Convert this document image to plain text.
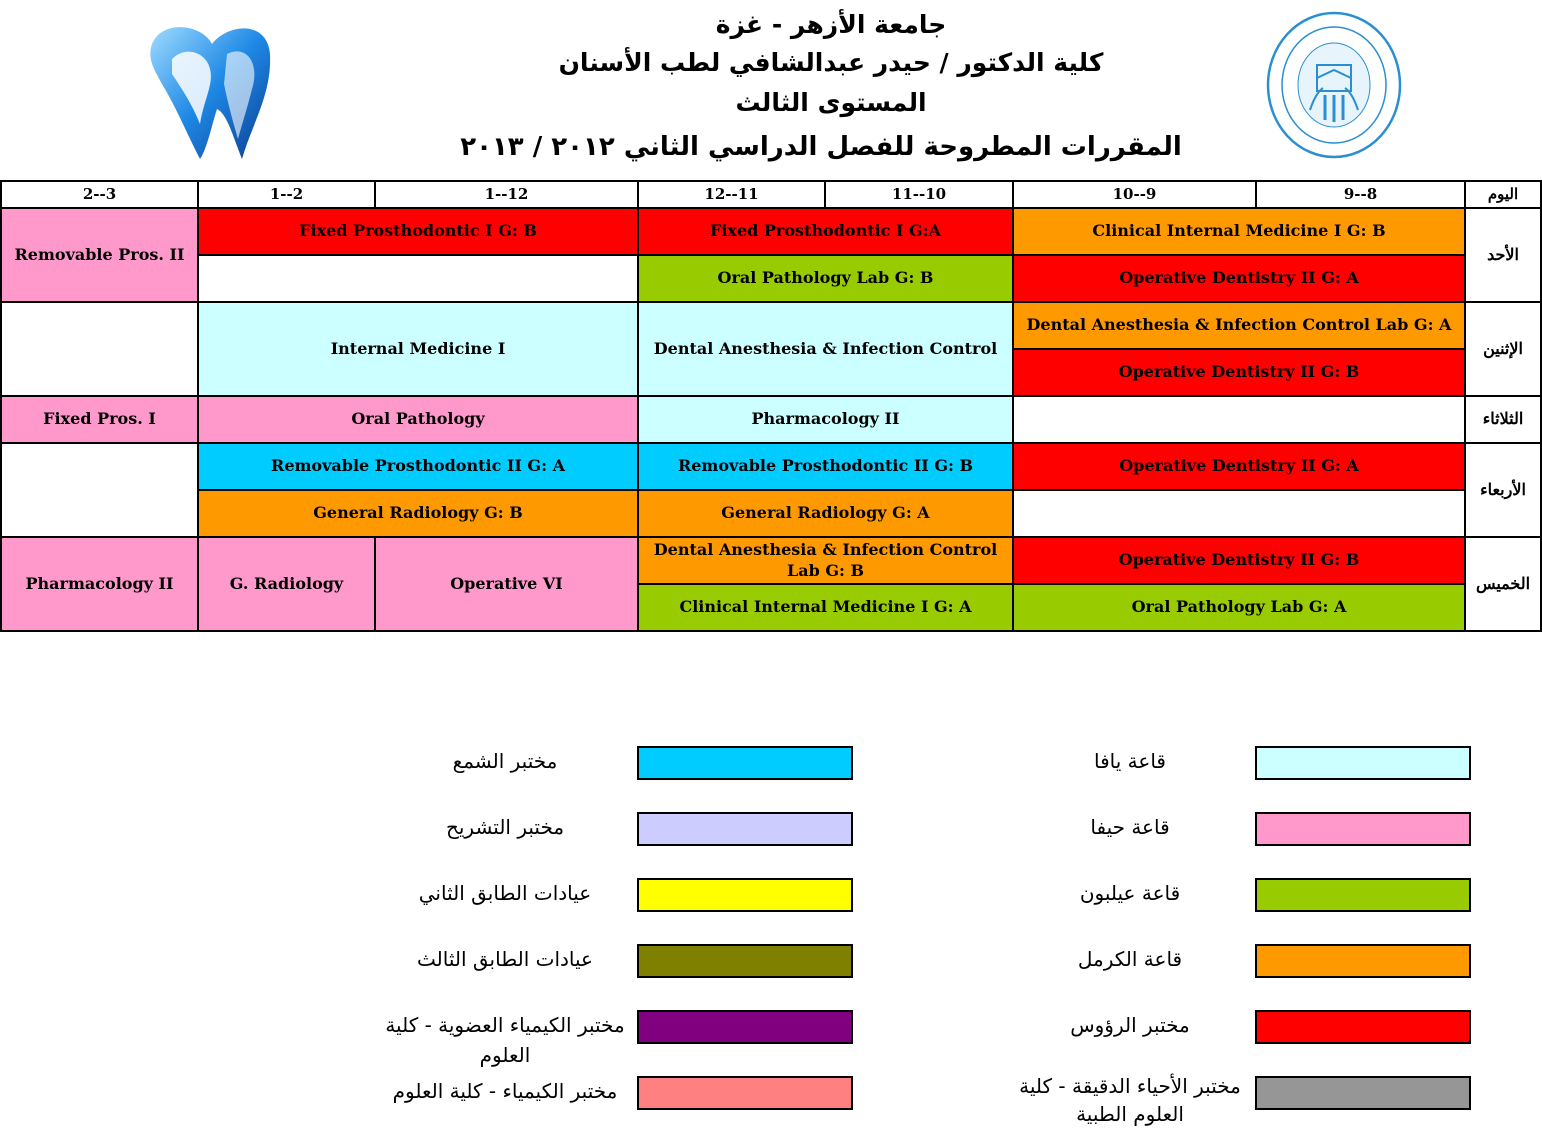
جامعة الأزهر - غزة
كلية الدكتور / حيدر عبدالشافي لطب الأسنان
المستوى الثالث
المقررات المطروحة للفصل الدراسي الثاني ٢٠١٢ / ٢٠١٣
2--3	1--2	1--12	12--11	11--10	10--9	9--8	اليوم
Removable Pros. II	Fixed Prosthodontic I G: B		Fixed Prosthodontic I G:A		Clinical Internal Medicine I G: B		الأحد
			Oral Pathology Lab G: B		Operative Dentistry II G: A		
	Internal Medicine I		Dental Anesthesia & Infection Control		Dental Anesthesia & Infection Control Lab G: A		الإثنين
					Operative Dentistry II G: B		
Fixed Pros. I	Oral Pathology		Pharmacology II				الثلاثاء

	Removable Prosthodontic II G: A		Removable Prosthodontic II G: B		Operative Dentistry II G: A		الأربعاء
	General Radiology G: B		General Radiology G: A				
Pharmacology II	G. Radiology	Operative VI	Dental Anesthesia & Infection Control Lab G: B		Operative Dentistry II G: B		الخميس
			Clinical Internal Medicine I G: A		Oral Pathology Lab G: A		
قاعة يافا
قاعة حيفا
قاعة عيلبون
قاعة الكرمل
مختبر الرؤوس
مختبر الأحياء الدقيقة - كلية العلوم الطبية
مختبر الشمع
مختبر التشريح
عيادات الطابق الثاني
عيادات الطابق الثالث
مختبر الكيمياء العضوية - كلية العلوم
مختبر الكيمياء - كلية العلوم
